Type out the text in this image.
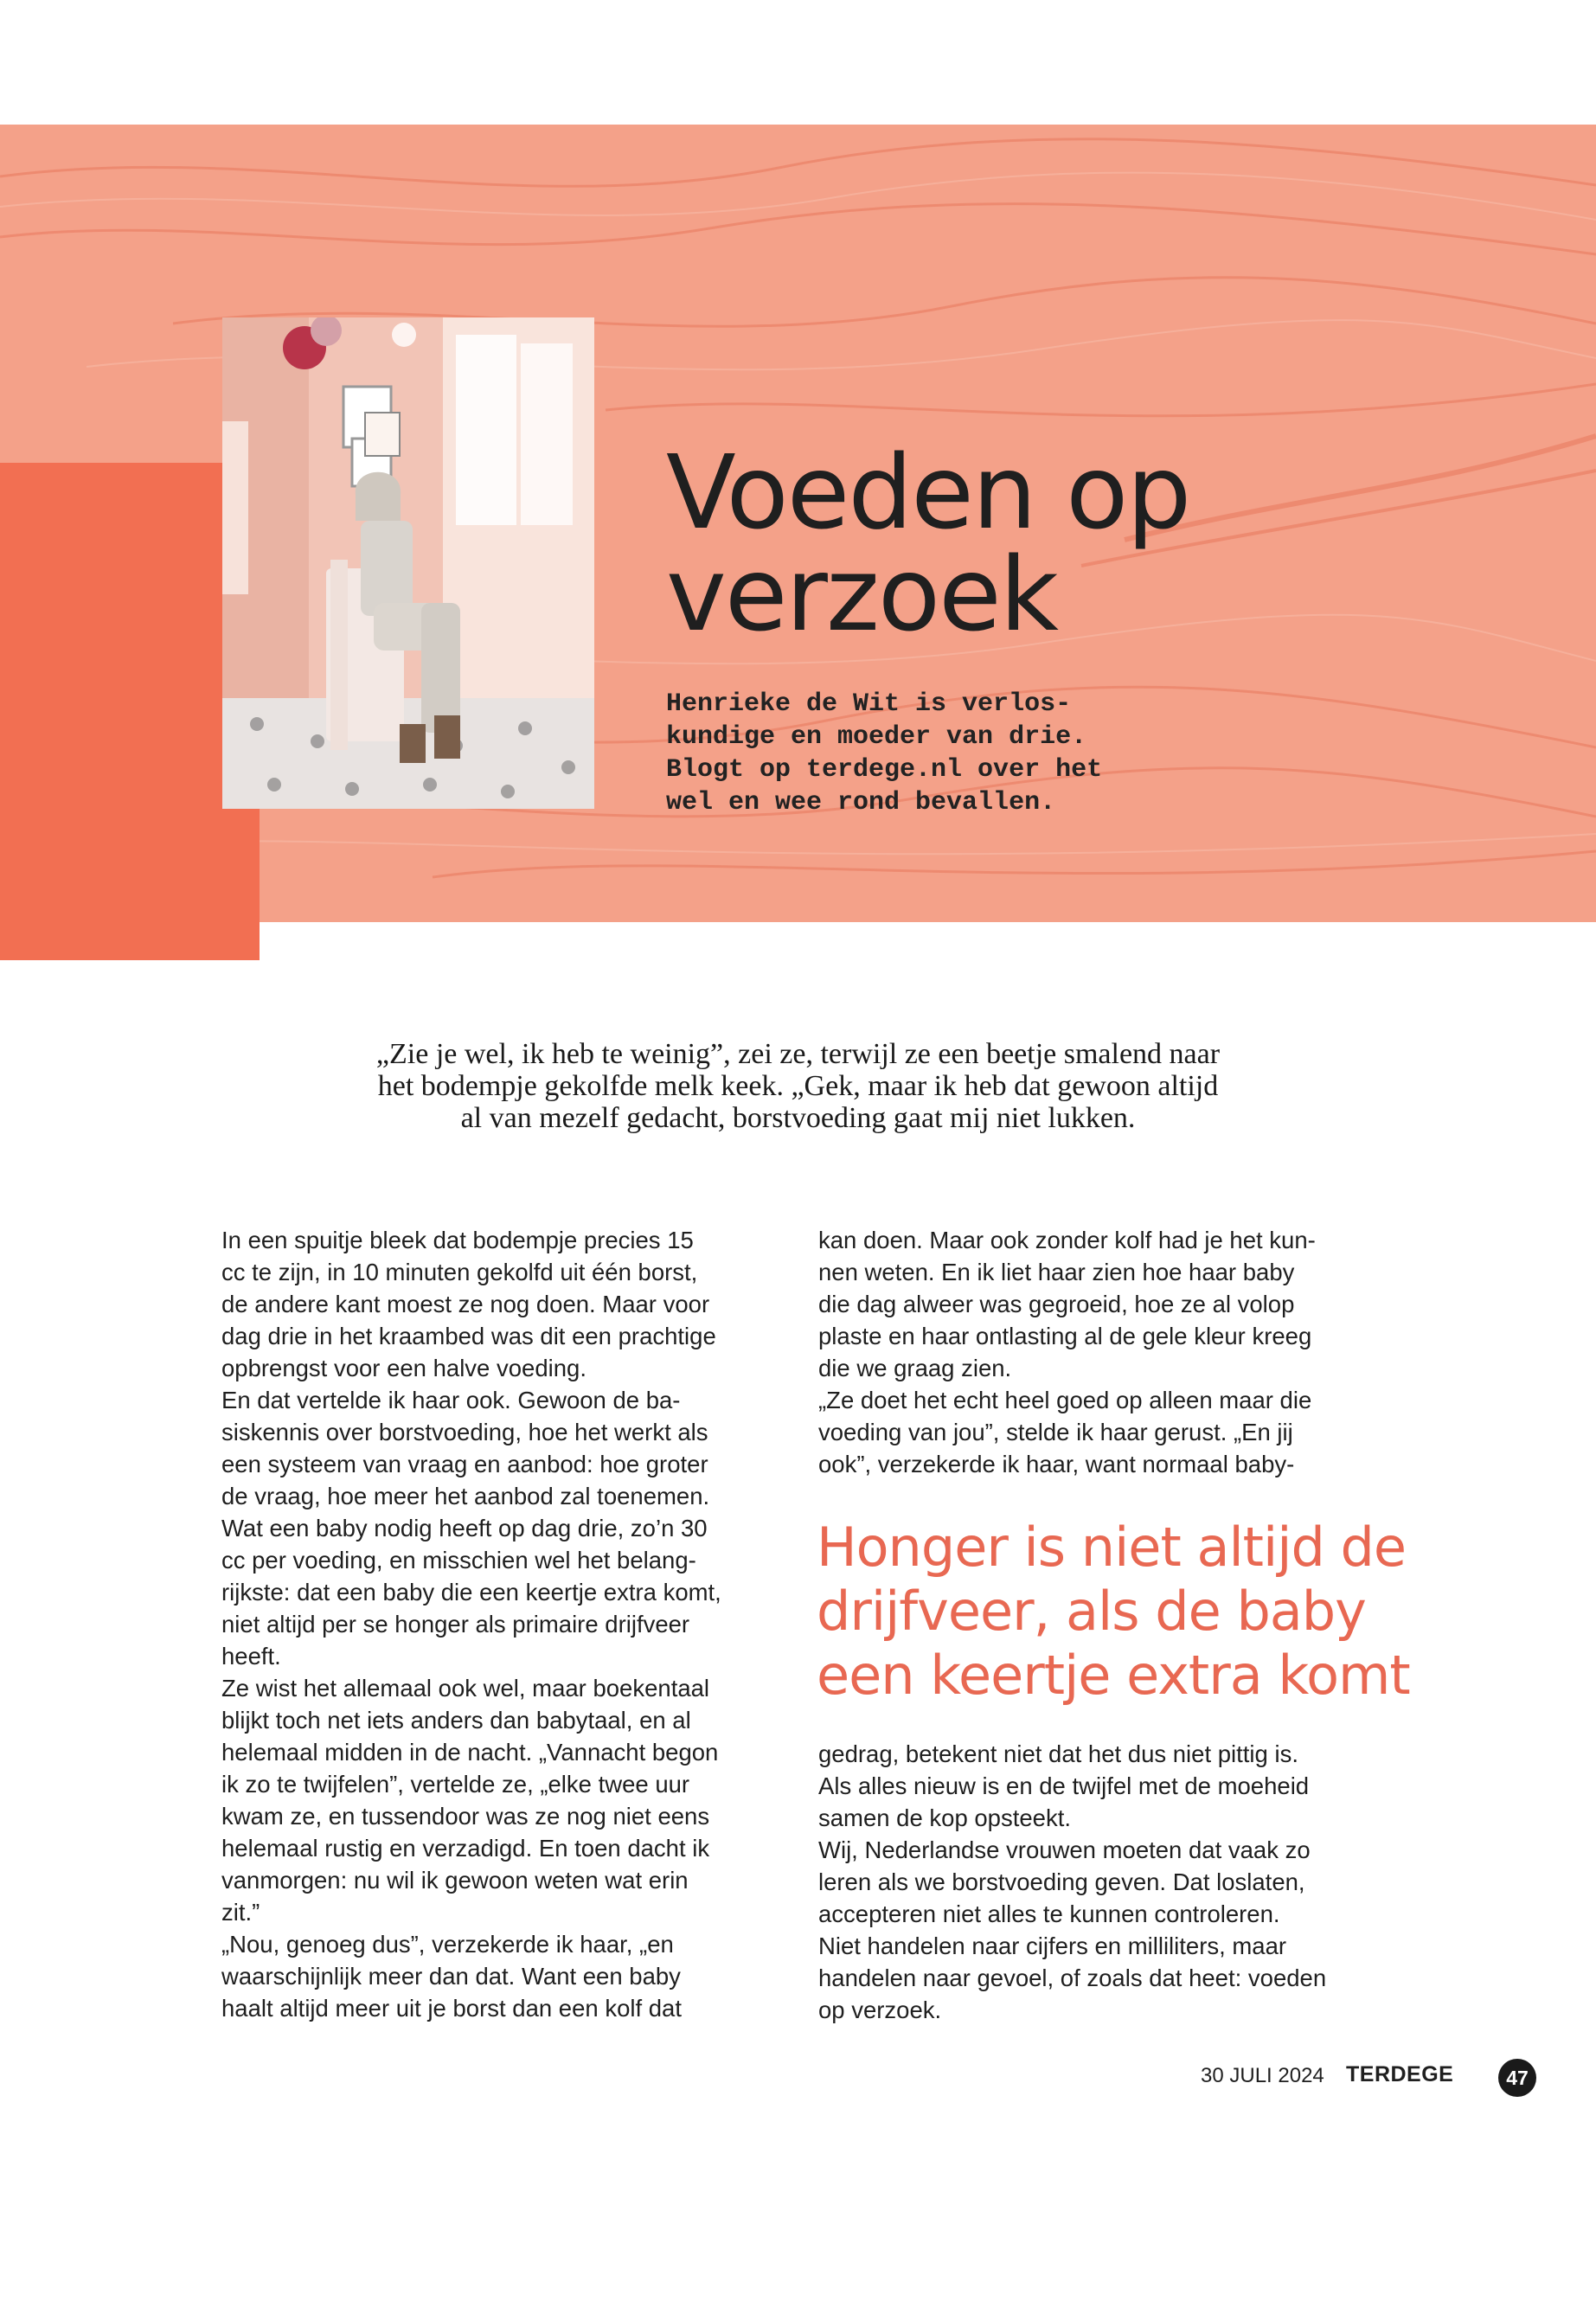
Voeden op
verzoek

Henrieke de Wit is verlos-
kundige en moeder van drie.
Blogt op terdege.nl over het
wel en wee rond bevallen.

„Zie je wel, ik heb te weinig”, zei ze, terwijl ze een beetje smalend naar
het bodempje gekolfde melk keek. „Gek, maar ik heb dat gewoon altijd
al van mezelf gedacht, borstvoeding gaat mij niet lukken.

In een spuitje bleek dat bodempje precies 15
cc te zijn, in 10 minuten gekolfd uit één borst,
de andere kant moest ze nog doen. Maar voor
dag drie in het kraambed was dit een prachtige
opbrengst voor een halve voeding.
En dat vertelde ik haar ook. Gewoon de ba-
siskennis over borstvoeding, hoe het werkt als
een systeem van vraag en aanbod: hoe groter
de vraag, hoe meer het aanbod zal toenemen.
Wat een baby nodig heeft op dag drie, zo’n 30
cc per voeding, en misschien wel het belang-
rijkste: dat een baby die een keertje extra komt,
niet altijd per se honger als primaire drijfveer
heeft.
Ze wist het allemaal ook wel, maar boekentaal
blijkt toch net iets anders dan babytaal, en al
helemaal midden in de nacht. „Vannacht begon
ik zo te twijfelen”, vertelde ze, „elke twee uur
kwam ze, en tussendoor was ze nog niet eens
helemaal rustig en verzadigd. En toen dacht ik
vanmorgen: nu wil ik gewoon weten wat erin
zit.”
„Nou, genoeg dus”, verzekerde ik haar, „en
waarschijnlijk meer dan dat. Want een baby
haalt altijd meer uit je borst dan een kolf dat

kan doen. Maar ook zonder kolf had je het kun-
nen weten. En ik liet haar zien hoe haar baby
die dag alweer was gegroeid, hoe ze al volop
plaste en haar ontlasting al de gele kleur kreeg
die we graag zien.
„Ze doet het echt heel goed op alleen maar die
voeding van jou”, stelde ik haar gerust. „En jij
ook”, verzekerde ik haar, want normaal baby-

Honger is niet altijd de
drijfveer, als de baby
een keertje extra komt

gedrag, betekent niet dat het dus niet pittig is.
Als alles nieuw is en de twijfel met de moeheid
samen de kop opsteekt.
Wij, Nederlandse vrouwen moeten dat vaak zo
leren als we borstvoeding geven. Dat loslaten,
accepteren niet alles te kunnen controleren.
Niet handelen naar cijfers en milliliters, maar
handelen naar gevoel, of zoals dat heet: voeden
op verzoek.

30 JULI 2024 TERDEGE	47
